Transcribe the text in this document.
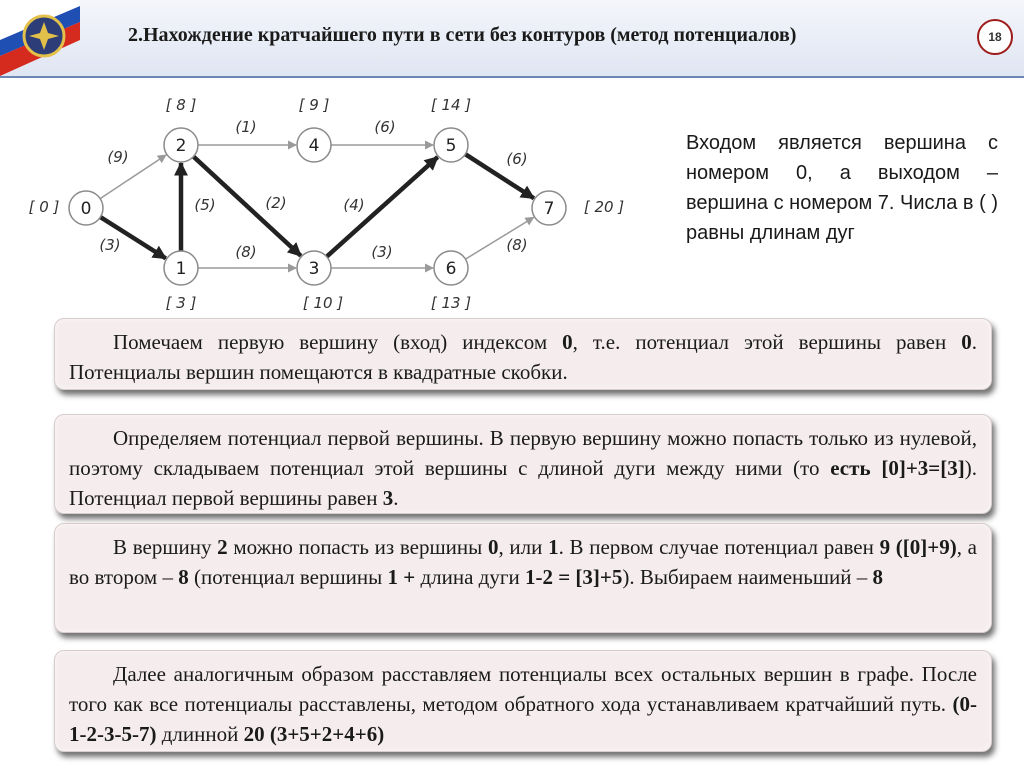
2.Нахождение кратчайшего пути в сети без контуров (метод потенциалов)	18
0
1
2
3
4	5
6
7
(9)
(3)
(5)
(1)
(2)
(8)
(6)
(4)
(3)
(6)
(8)
[ 0 ]
[ 3 ]
[ 8 ]
[ 10 ]
[ 9 ]	[ 14 ]
[ 13 ]
[ 20 ]
Входом является вершина с номером 0, а выходом – вершина с номером 7. Числа в ( ) равны длинам дуг

Помечаем первую вершину (вход) индексом 0, т.е. потенциал этой вершины равен 0. Потенциалы вершин помещаются в квадратные скобки.

Определяем потенциал первой вершины. В первую вершину можно попасть только из нулевой, поэтому складываем потенциал этой вершины с длиной дуги между ними (то есть [0]+3=[3]). Потенциал первой вершины равен 3.

В вершину 2 можно попасть из вершины 0, или 1. В первом случае потенциал равен 9 ([0]+9), а во втором – 8 (потенциал вершины 1 + длина дуги 1-2 = [3]+5). Выбираем наименьший – 8

Далее аналогичным образом расставляем потенциалы всех остальных вершин в графе. После того как все потенциалы расставлены, методом обратного хода устанавливаем кратчайший путь. (0-1-2-3-5-7) длинной 20 (3+5+2+4+6)
